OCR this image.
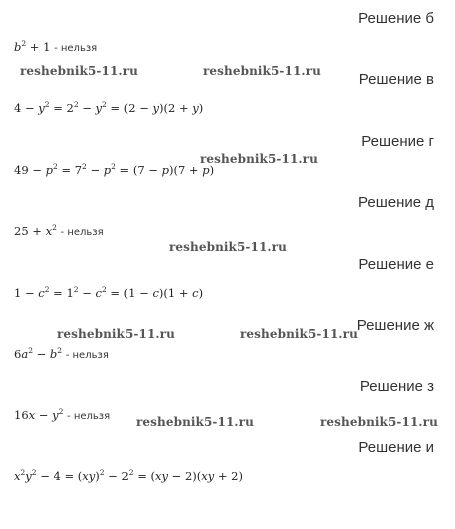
Решение б
$b^2 + 1$ - нельзя
reshebnik5-11.ru	reshebnik5-11.ru	Решение в
$4 - y^2 = 2^2 - y^2 = (2 - y)(2 + y)$
Решение г
reshebnik5-11.ru
$49 - p^2 = 7^2 - p^2 = (7 - p)(7 + p)$
Решение д
$25 + x^2$ - нельзя
reshebnik5-11.ru
Решение е
$1 - c^2 = 1^2 - c^2 = (1 - c)(1 + c)$
reshebnik5-11.ru	reshebnik5-11.ru
Решение ж
$6a^2 - b^2$ - нельзя
Решение з
$16x - y^2$ - нельзя reshebnik5-11.ru	reshebnik5-11.ru
Решение и
$x^2y^2 - 4 = (xy)^2 - 2^2 = (xy - 2)(xy + 2)$
